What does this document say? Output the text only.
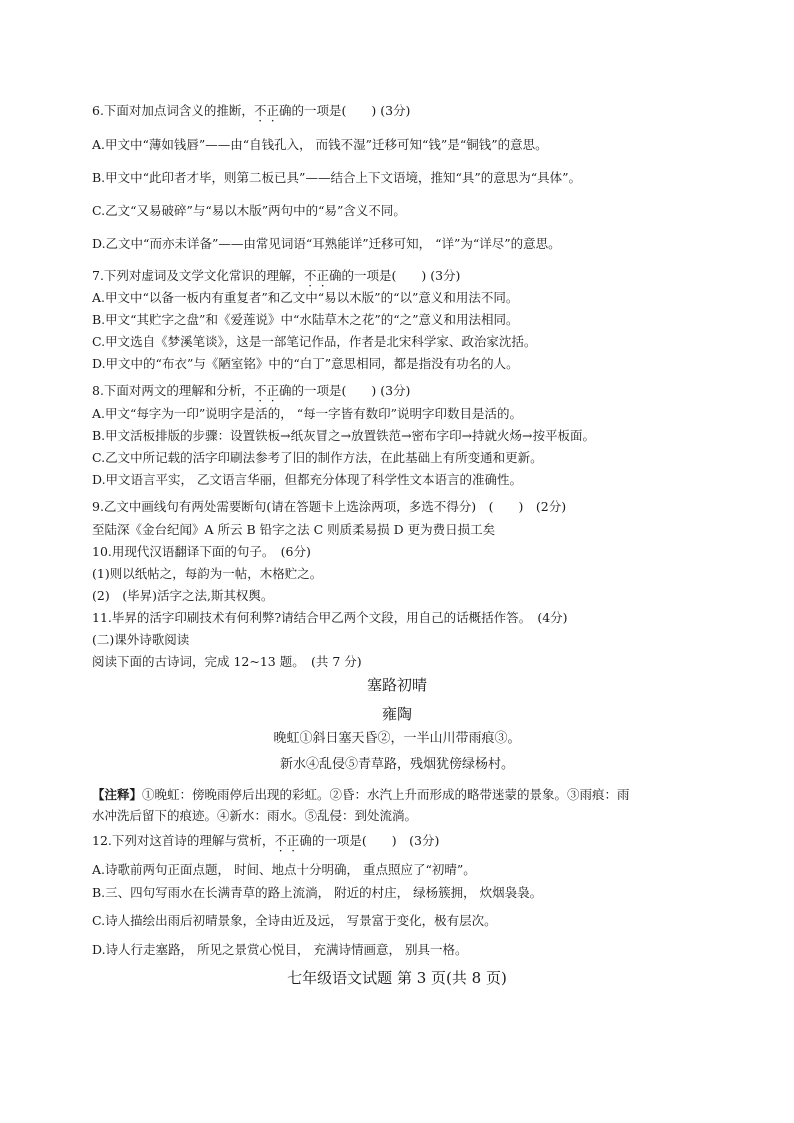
6.下面对加点词含义的推断，不正确的一项是(　　) (3分)
A.甲文中“薄如钱唇”——由“自钱孔入， 而钱不湿”迁移可知“钱”是“铜钱”的意思。
B.甲文中“此印者才毕，则第二板已具”——结合上下文语境，推知“具”的意思为“具体”。
C.乙文“又易破碎”与“易以木版”两句中的“易”含义不同。
D.乙文中“而亦未详备”——由常见词语“耳熟能详”迁移可知， “详”为“详尽”的意思。
7.下列对虚词及文学文化常识的理解，不正确的一项是(　　) (3分)
A.甲文中“以备一板内有重复者”和乙文中“易以木版”的“以”意义和用法不同。
B.甲文“其贮字之盘”和《爱莲说》中“水陆草木之花”的“之”意义和用法相同。
C.甲文选自《梦溪笔谈》，这是一部笔记作品，作者是北宋科学家、政治家沈括。
D.甲文中的“布衣”与《陋室铭》中的“白丁”意思相同，都是指没有功名的人。
8.下面对两文的理解和分析，不正确的一项是(　　) (3分)
A.甲文“每字为一印”说明字是活的， “每一字皆有数印”说明字印数目是活的。
B.甲文活板排版的步骤：设置铁板→纸灰冒之→放置铁范→密布字印→持就火炀→按平板面。
C.乙文中所记载的活字印刷法参考了旧的制作方法，在此基础上有所变通和更新。
D.甲文语言平实， 乙文语言华丽，但都充分体现了科学性文本语言的准确性。
9.乙文中画线句有两处需要断句(请在答题卡上选涂两项，多选不得分)　(　　)　(2分)
至陆深《金台纪闻》A 所云 B 铅字之法 C 则质柔易损 D 更为费日损工矣
10.用现代汉语翻译下面的句子。　(6分)
(1)则以纸帖之，每韵为一帖，木格贮之。
(2)　(毕昇)活字之法,斯其权舆。
11.毕昇的活字印刷技术有何利弊?请结合甲乙两个文段，用自己的话概括作答。　(4分)
(二)课外诗歌阅读
阅读下面的古诗词，完成 12~13 题。　(共 7 分)
塞路初晴
雍陶
晚虹①斜日塞天昏②，一半山川带雨痕③。
新水④乱侵⑤青草路，残烟犹傍绿杨村。
【注释】①晚虹：傍晚雨停后出现的彩虹。②昏：水汽上升而形成的略带迷蒙的景象。③雨痕：雨
水冲洗后留下的痕迹。④新水：雨水。⑤乱侵：到处流淌。
12.下列对这首诗的理解与赏析，不正确的一项是(　　)　(3分)
A.诗歌前两句正面点题， 时间、地点十分明确， 重点照应了“初晴”。
B.三、四句写雨水在长满青草的路上流淌， 附近的村庄， 绿杨簇拥， 炊烟袅袅。
C.诗人描绘出雨后初晴景象，全诗由近及远， 写景富于变化，极有层次。
D.诗人行走塞路， 所见之景赏心悦目， 充满诗情画意， 别具一格。
七年级语文试题 第 3 页(共 8 页)
